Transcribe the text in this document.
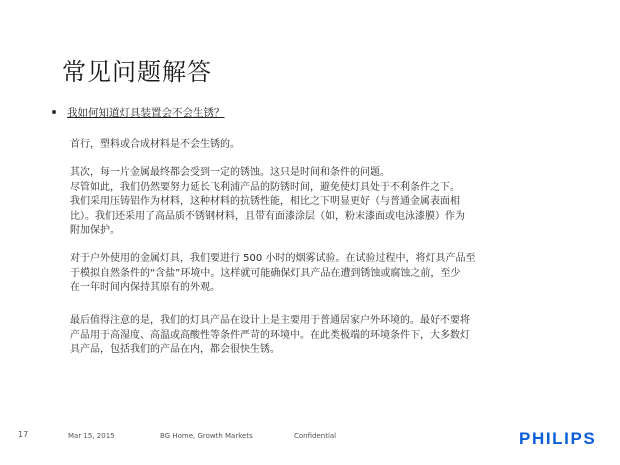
常见问题解答
我如何知道灯具装置会不会生锈？

首行，塑料或合成材料是不会生锈的。

其次，每一片金属最终都会受到一定的锈蚀。这只是时间和条件的问题。

尽管如此，我们仍然要努力延长飞利浦产品的防锈时间，避免使灯具处于不利条件之下。

我们采用压铸铝作为材料，这种材料的抗锈性能，相比之下明显更好（与普通金属表面相

比）。我们还采用了高品质不锈钢材料，且带有面漆涂层（如，粉末漆面或电泳漆膜）作为

附加保护。

对于户外使用的金属灯具，我们要进行 500 小时的烟雾试验。在试验过程中，将灯具产品至

于模拟自然条件的“含盐”环境中。这样就可能确保灯具产品在遭到锈蚀或腐蚀之前，至少

在一年时间内保持其原有的外观。

最后值得注意的是，我们的灯具产品在设计上是主要用于普通居家户外环境的。最好不要将

产品用于高湿度、高温或高酸性等条件严苛的环境中。在此类极端的环境条件下，大多数灯

具产品，包括我们的产品在内，都会很快生锈。

17	Mar 15, 2015	BG Home, Growth Markets	Confidential	PHILIPS
